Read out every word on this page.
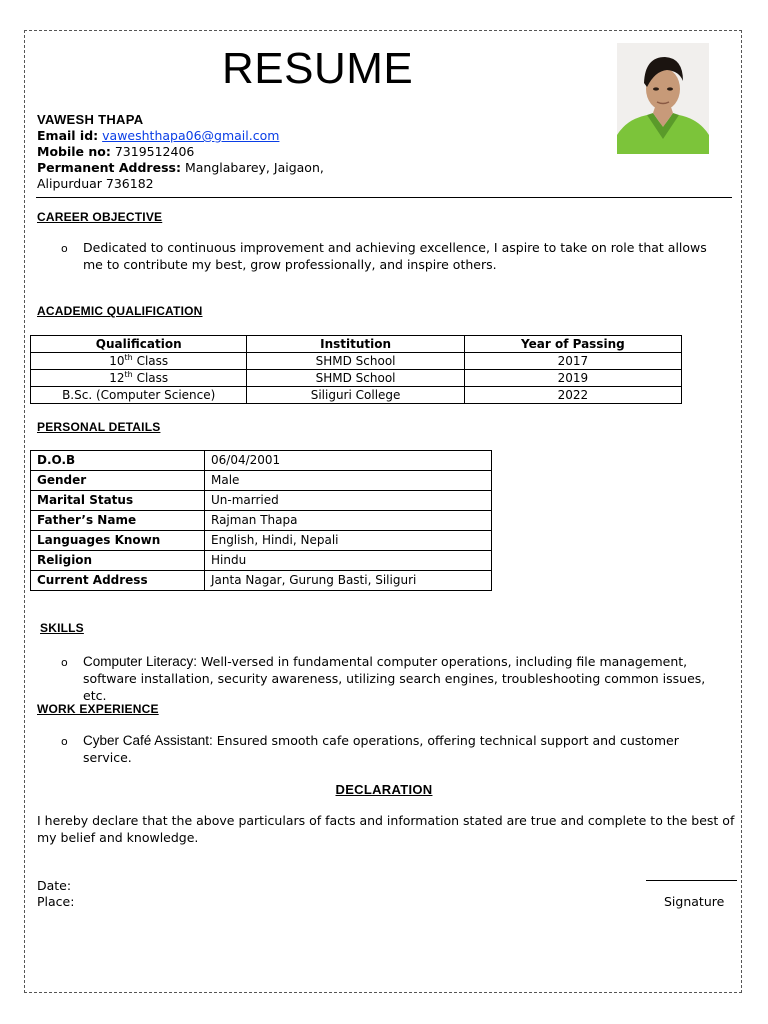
RESUME
VAWESH THAPA
Email id: vaweshthapa06@gmail.com
Mobile no: 7319512406
Permanent Address: Manglabarey, Jaigaon,
Alipurduar 736182
CAREER OBJECTIVE
o Dedicated to continuous improvement and achieving excellence, I aspire to take on role that allows me to contribute my best, grow professionally, and inspire others.
ACADEMIC QUALIFICATION
Qualification	Institution	Year of Passing
10th Class	SHMD School	2017
12th Class	SHMD School	2019
B.Sc. (Computer Science)	Siliguri College	2022
PERSONAL DETAILS
D.O.B	06/04/2001
Gender	Male
Marital Status	Un-married
Father’s Name	Rajman Thapa
Languages Known	English, Hindi, Nepali
Religion	Hindu
Current Address	Janta Nagar, Gurung Basti, Siliguri
SKILLS
o Computer Literacy: Well-versed in fundamental computer operations, including file management, software installation, security awareness, utilizing search engines, troubleshooting common issues, etc.
WORK EXPERIENCE
o Cyber Café Assistant: Ensured smooth cafe operations, offering technical support and customer service.
DECLARATION
I hereby declare that the above particulars of facts and information stated are true and complete to the best of my belief and knowledge.
Date:
Place:	Signature
